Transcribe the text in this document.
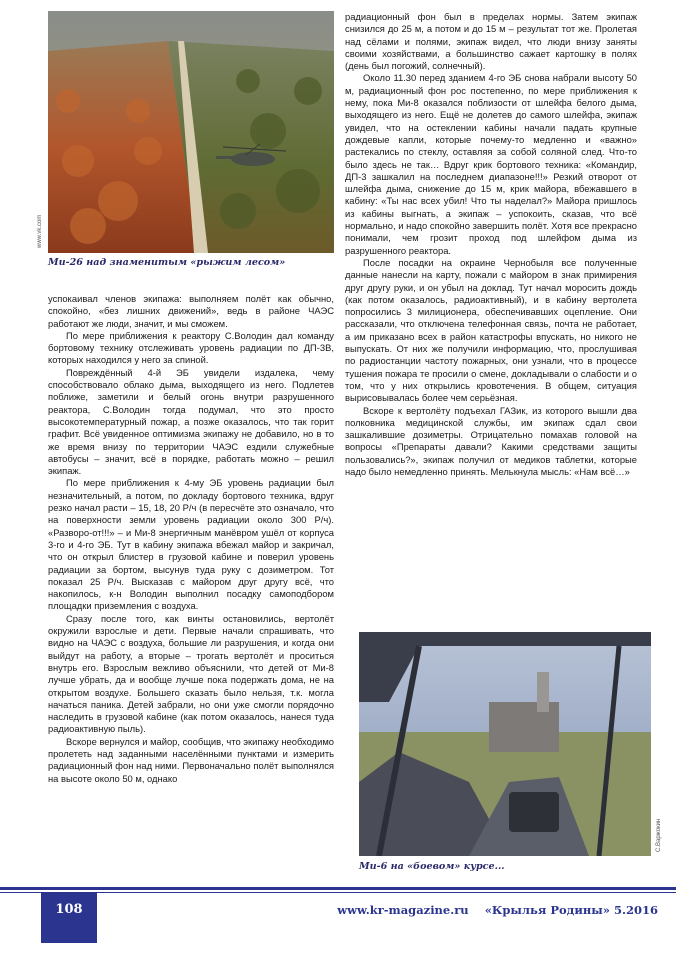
www.vk.com
Ми-26 над знаменитым «рыжим лесом»

успокаивал членов экипажа: выполняем полёт как обычно, спокойно, «без лишних движений», ведь в районе ЧАЭС работают же люди, значит, и мы сможем.

По мере приближения к реактору С.Володин дал команду бортовому технику отслеживать уровень радиации по ДП-3В, которых находился у него за спиной.

Повреждённый 4-й ЭБ увидели издалека, чему способствовало облако дыма, выходящего из него. Подлетев поближе, заметили и белый огонь внутри разрушенного реактора, С.Володин тогда подумал, что это просто высокотемпературный пожар, а позже оказалось, что так горит графит. Всё увиденное оптимизма экипажу не добавило, но в то же время внизу по территории ЧАЭС ездили служебные автобусы – значит, всё в порядке, работать можно – решил экипаж.

По мере приближения к 4-му ЭБ уровень радиации был незначительный, а потом, по докладу бортового техника, вдруг резко начал расти – 15, 18, 20 Р/ч (в пересчёте это означало, что на поверхности земли уровень радиации около 300 Р/ч). «Разворо-от!!!» – и Ми-8 энергичным манёвром ушёл от корпуса 3-го и 4-го ЭБ. Тут в кабину экипажа вбежал майор и закричал, что он открыл блистер в грузовой кабине и поверил уровень радиации за бортом, высунув туда руку с дозиметром. Тот показал 25 Р/ч. Высказав с майором друг другу всё, что накопилось, к-н Володин выполнил посадку самоподбором площадки приземления с воздуха.

Сразу после того, как винты остановились, вертолёт окружили взрослые и дети. Первые начали спрашивать, что видно на ЧАЭС с воздуха, большие ли разрушения, и когда они выйдут на работу, а вторые – трогать вертолёт и проситься внутрь его. Взрослым вежливо объяснили, что детей от Ми-8 лучше убрать, да и вообще лучше пока подержать дома, не на открытом воздухе. Большего сказать было нельзя, т.к. могла начаться паника. Детей забрали, но они уже смогли порядочно наследить в грузовой кабине (как потом оказалось, нанеся туда радиоактивную пыль).

Вскоре вернулся и майор, сообщив, что экипажу необходимо пролететь над заданными населёнными пунктами и измерить радиационный фон над ними. Первоначально полёт выполнялся на высоте около 50 м, однако

радиационный фон был в пределах нормы. Затем экипаж снизился до 25 м, а потом и до 15 м – результат тот же. Пролетая над сёлами и полями, экипаж видел, что люди внизу заняты своими хозяйствами, а большинство сажает картошку в полях (день был погожий, солнечный).

Около 11.30 перед зданием 4-го ЭБ снова набрали высоту 50 м, радиационный фон рос постепенно, по мере приближения к нему, пока Ми-8 оказался поблизости от шлейфа белого дыма, выходящего из него. Ещё не долетев до самого шлейфа, экипаж увидел, что на остеклении кабины начали падать крупные дождевые капли, которые почему-то медленно и «важно» растекались по стеклу, оставляя за собой соляной след. Что-то было здесь не так… Вдруг крик бортового техника: «Командир, ДП-3 зашкалил на последнем диапазоне!!!» Резкий отворот от шлейфа дыма, снижение до 15 м, крик майора, вбежавшего в кабину: «Ты нас всех убил! Что ты наделал?» Майора пришлось из кабины выгнать, а экипаж – успокоить, сказав, что всё нормально, и надо спокойно завершить полёт. Хотя все прекрасно понимали, чем грозит проход под шлейфом дыма из разрушенного реактора.

После посадки на окраине Чернобыля все полученные данные нанесли на карту, пожали с майором в знак примирения друг другу руки, и он убыл на доклад. Тут начал моросить дождь (как потом оказалось, радиоактивный), и в кабину вертолета попросились 3 милиционера, обеспечивавших оцепление. Они рассказали, что отключена телефонная связь, почта не работает, а им приказано всех в район катастрофы впускать, но никого не выпускать. От них же получили информацию, что, прослушивая по радиостанции частоту пожарных, они узнали, что в процессе тушения пожара те просили о смене, докладывали о слабости и о том, что у них открылись кровотечения. В общем, ситуация вырисовывалась более чем серьёзная.

Вскоре к вертолёту подъехал ГАЗик, из которого вышли два полковника медицинской службы, им экипаж сдал свои зашкалившие дозиметры. Отрицательно помахав головой на вопросы «Препараты давали? Какими средствами защиты пользовались?», экипаж получил от медиков таблетки, которые надо было немедленно принять. Мелькнула мысль: «Нам всё…»

С.Варжокин
Ми-6 на «боевом» курсе...
108	www.kr-magazine.ru «Крылья Родины» 5.2016
